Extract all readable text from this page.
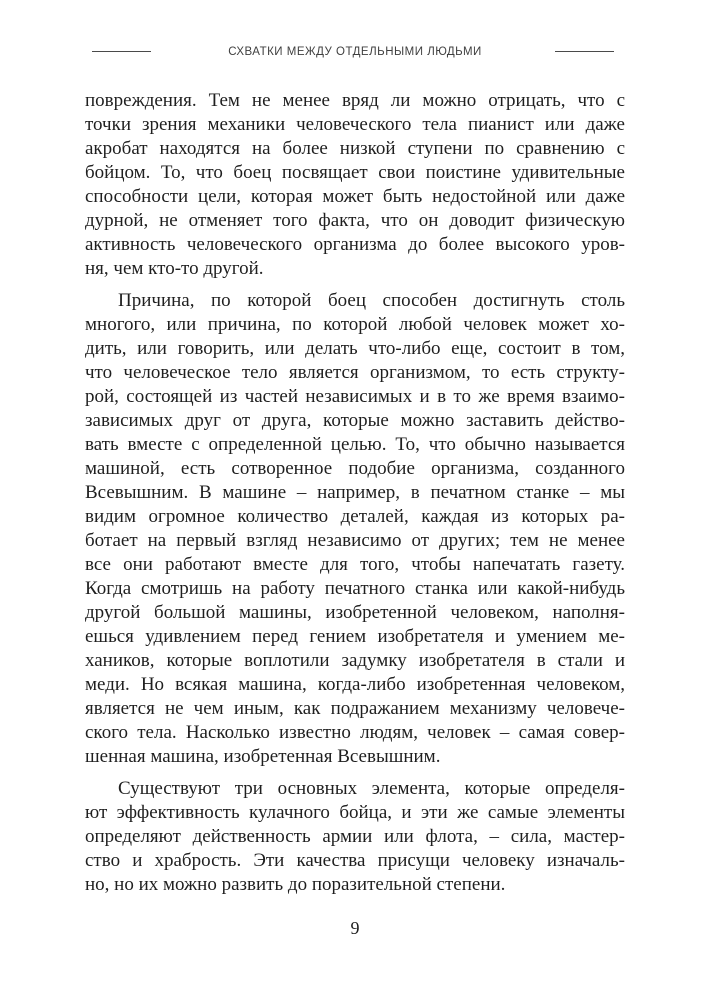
СХВАТКИ МЕЖДУ ОТДЕЛЬНЫМИ ЛЮДЬМИ
повреждения. Тем не менее вряд ли можно отрицать, что с
точки зрения механики человеческого тела пианист или даже
акробат находятся на более низкой ступени по сравнению с
бойцом. То, что боец посвящает свои поистине удивительные
способности цели, которая может быть недостойной или даже
дурной, не отменяет того факта, что он доводит физическую
активность человеческого организма до более высокого уров-
ня, чем кто-то другой.
Причина, по которой боец способен достигнуть столь
многого, или причина, по которой любой человек может хо-
дить, или говорить, или делать что-либо еще, состоит в том,
что человеческое тело является организмом, то есть структу-
рой, состоящей из частей независимых и в то же время взаимо-
зависимых друг от друга, которые можно заставить действо-
вать вместе с определенной целью. То, что обычно называется
машиной, есть сотворенное подобие организма, созданного
Всевышним. В машине – например, в печатном станке – мы
видим огромное количество деталей, каждая из которых ра-
ботает на первый взгляд независимо от других; тем не менее
все они работают вместе для того, чтобы напечатать газету.
Когда смотришь на работу печатного станка или какой-нибудь
другой большой машины, изобретенной человеком, наполня-
ешься удивлением перед гением изобретателя и умением ме-
хаников, которые воплотили задумку изобретателя в стали и
меди. Но всякая машина, когда-либо изобретенная человеком,
является не чем иным, как подражанием механизму человече-
ского тела. Насколько известно людям, человек – самая совер-
шенная машина, изобретенная Всевышним.
Существуют три основных элемента, которые определя-
ют эффективность кулачного бойца, и эти же самые элементы
определяют действенность армии или флота, – сила, мастер-
ство и храбрость. Эти качества присущи человеку изначаль-
но, но их можно развить до поразительной степени.
9
